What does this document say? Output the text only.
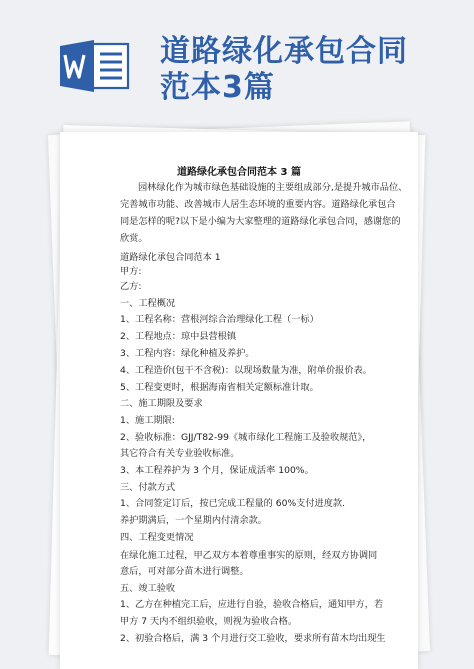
道路绿化承包合同
范本3篇
道路绿化承包合同范本 3 篇
园林绿化作为城市绿色基础设施的主要组成部分,是提升城市品位、
完善城市功能、改善城市人居生态环境的重要内容。道路绿化承包合
同是怎样的呢?以下是小编为大家整理的道路绿化承包合同，感谢您的
欣赏。
道路绿化承包合同范本 1
甲方:
乙方:
一、工程概况
1、工程名称：营根河综合治理绿化工程（一标）
2、工程地点：琼中县营根镇
3、工程内容：绿化种植及养护。
4、工程造价(包干不含税)：以现场数量为准，附单价报价表。
5、工程变更时，根据海南省相关定额标准计取。
二、施工期限及要求
1、施工期限:
2、验收标准：GJJ/T82-99《城市绿化工程施工及验收规范》，
其它符合有关专业验收标准。
3、本工程养护为 3 个月，保证成活率 100%。
三、付款方式
1、合同签定订后，按已完成工程量的 60%支付进度款.
养护期满后，一个星期内付清余款。
四、工程变更情况
在绿化施工过程，甲乙双方本着尊重事实的原则，经双方协调同
意后，可对部分苗木进行调整。
五、竣工验收
1、乙方在种植完工后，应进行自验，验收合格后，通知甲方，若
甲方 7 天内不组织验收，则视为验收合格。
2、初验合格后，满 3 个月进行交工验收，要求所有苗木均出现生
